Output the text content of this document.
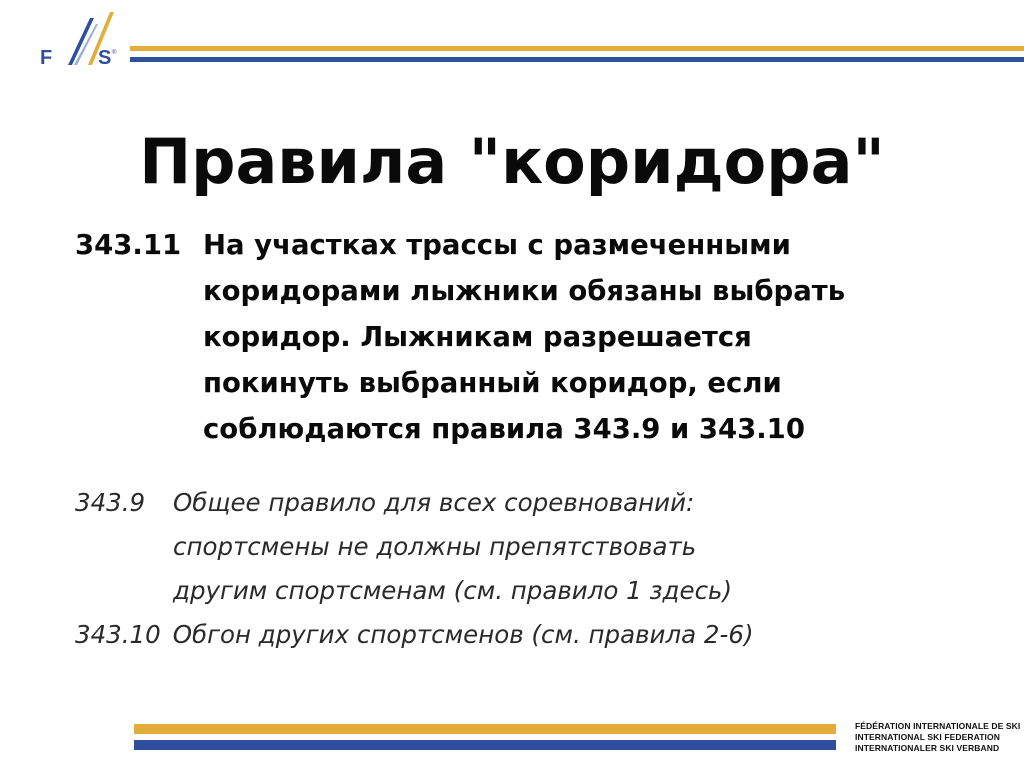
F S ®
Правила "коридора"
343.11 На участках трассы с размеченными
коридорами лыжники обязаны выбрать
коридор. Лыжникам разрешается
покинуть выбранный коридор, если
соблюдаются правила 343.9 и 343.10
343.9 Общее правило для всех соревнований:
спортсмены не должны препятствовать
другим спортсменам (см. правило 1 здесь)
343.10 Обгон других спортсменов (см. правила 2-6)
FÉDÉRATION INTERNATIONALE DE SKI
INTERNATIONAL SKI FEDERATION
INTERNATIONALER SKI VERBAND
